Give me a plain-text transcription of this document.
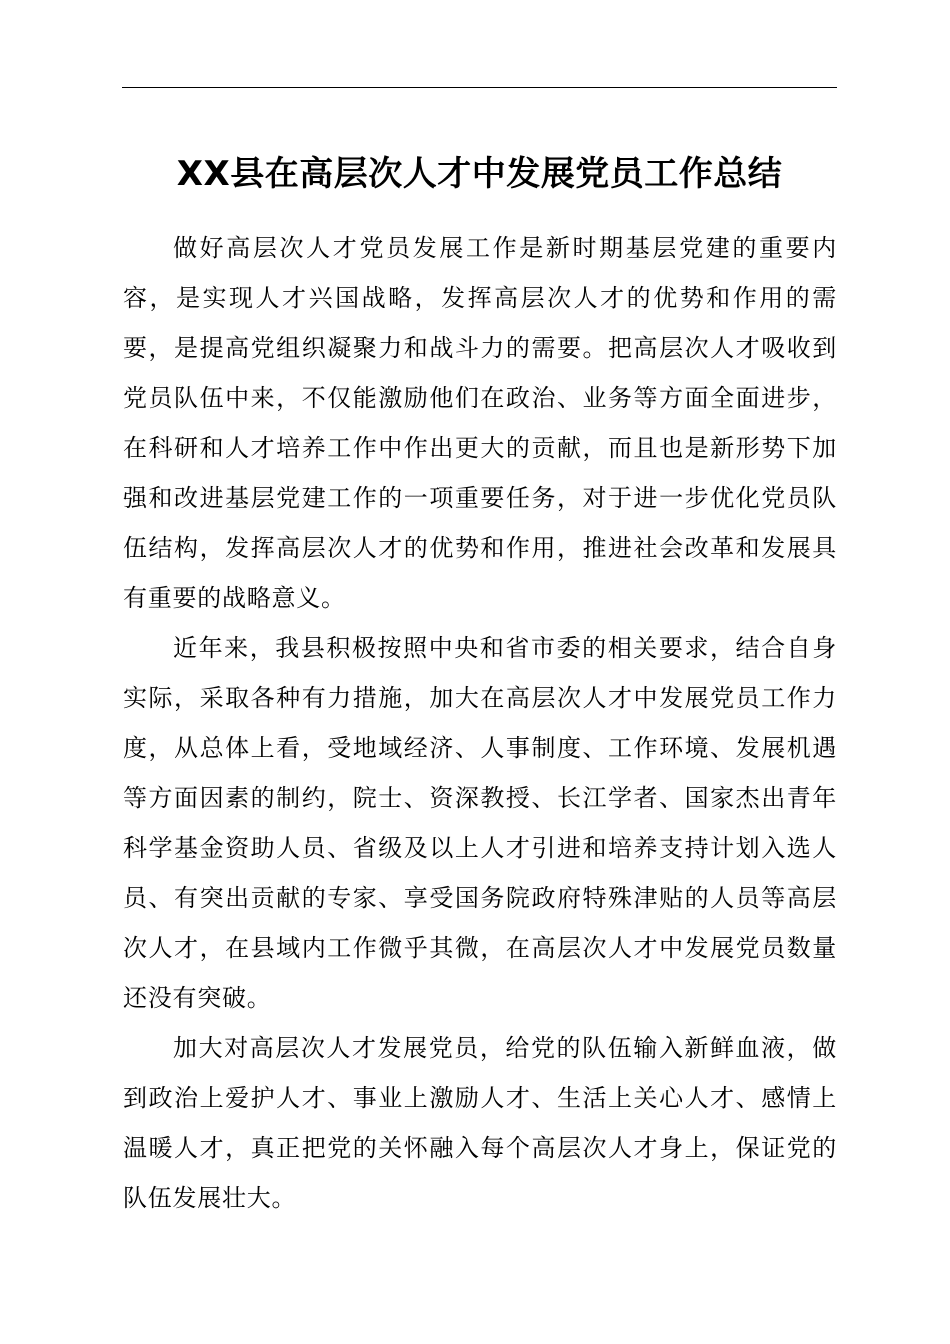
XX县在高层次人才中发展党员工作总结

做好高层次人才党员发展工作是新时期基层党建的重要内容，是实现人才兴国战略，发挥高层次人才的优势和作用的需要，是提高党组织凝聚力和战斗力的需要。把高层次人才吸收到党员队伍中来，不仅能激励他们在政治、业务等方面全面进步，在科研和人才培养工作中作出更大的贡献，而且也是新形势下加强和改进基层党建工作的一项重要任务，对于进一步优化党员队伍结构，发挥高层次人才的优势和作用，推进社会改革和发展具有重要的战略意义。

近年来，我县积极按照中央和省市委的相关要求，结合自身实际，采取各种有力措施，加大在高层次人才中发展党员工作力度，从总体上看，受地域经济、人事制度、工作环境、发展机遇等方面因素的制约，院士、资深教授、长江学者、国家杰出青年科学基金资助人员、省级及以上人才引进和培养支持计划入选人员、有突出贡献的专家、享受国务院政府特殊津贴的人员等高层次人才，在县域内工作微乎其微，在高层次人才中发展党员数量还没有突破。

加大对高层次人才发展党员，给党的队伍输入新鲜血液，做到政治上爱护人才、事业上激励人才、生活上关心人才、感情上温暖人才，真正把党的关怀融入每个高层次人才身上，保证党的队伍发展壮大。
